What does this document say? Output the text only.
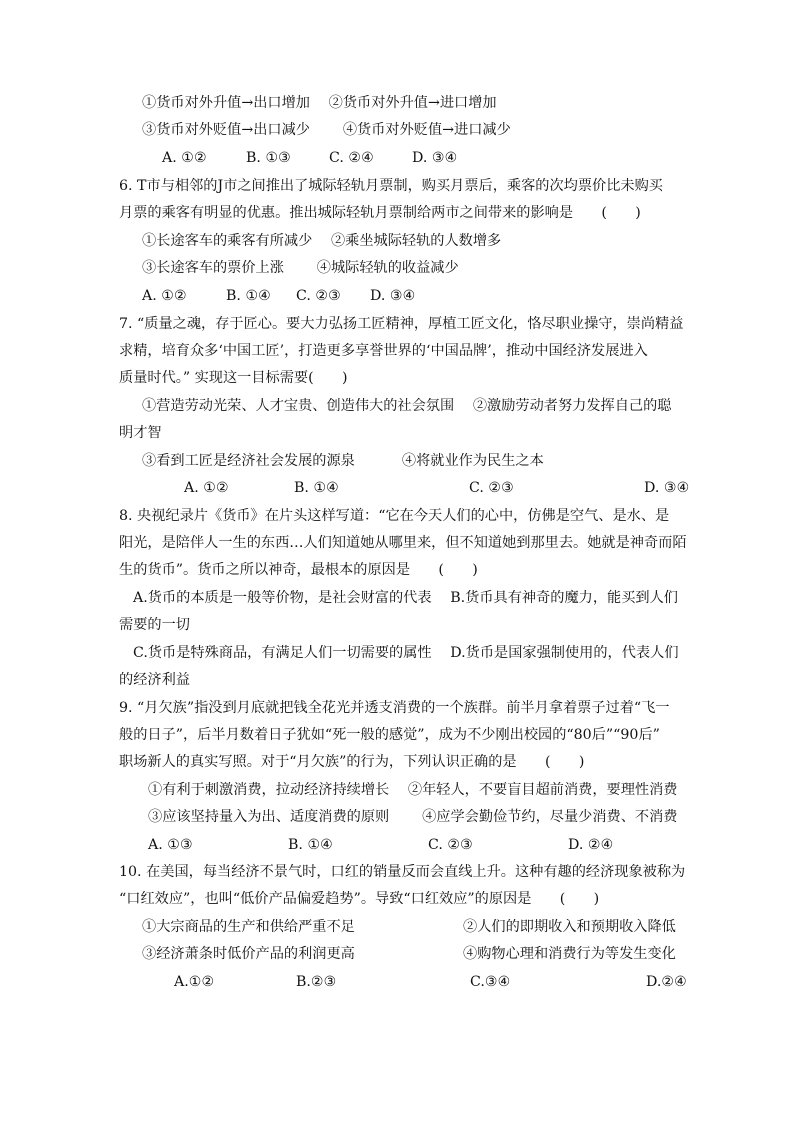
①货币对外升值→出口增加　 ②货币对外升值→进口增加
③货币对外贬值→出口减少　　 ④货币对外贬值→进口减少
A. ①②	B. ①③	C. ②④	D. ③④
6. T市与相邻的J市之间推出了城际轻轨月票制，购买月票后，乘客的次均票价比未购买
月票的乘客有明显的优惠。推出城际轻轨月票制给两市之间带来的影响是　　(　　)
①长途客车的乘客有所减少　 ②乘坐城际轻轨的人数增多
③长途客车的票价上涨　　 ④城际轻轨的收益减少
A. ①②	B. ①④ C. ②③ D. ③④
7. “质量之魂，存于匠心。要大力弘扬工匠精神，厚植工匠文化，恪尽职业操守，崇尚精益
求精，培育众多‘中国工匠’，打造更多享誉世界的‘中国品牌’，推动中国经济发展进入
质量时代。” 实现这一目标需要(　　)
①营造劳动光荣、人才宝贵、创造伟大的社会氛围　 ②激励劳动者努力发挥自己的聪
明才智
③看到工匠是经济社会发展的源泉　　　 ④将就业作为民生之本
A. ①②	B. ①④	C. ②③	D. ③④
8. 央视纪录片《货币》在片头这样写道：“它在今天人们的心中，仿佛是空气、是水、是
阳光，是陪伴人一生的东西…人们知道她从哪里来，但不知道她到那里去。她就是神奇而陌
生的货币”。货币之所以神奇，最根本的原因是　　(　　)
A.货币的本质是一般等价物，是社会财富的代表　 B.货币具有神奇的魔力，能买到人们
需要的一切
C.货币是特殊商品，有满足人们一切需要的属性　 D.货币是国家强制使用的，代表人们
的经济利益
9. “月欠族”指没到月底就把钱全花光并透支消费的一个族群。前半月拿着票子过着“飞一
般的日子”，后半月数着日子犹如“死一般的感觉”，成为不少刚出校园的“80后”“90后”
职场新人的真实写照。对于“月欠族”的行为，下列认识正确的是　　(　　)
①有利于刺激消费，拉动经济持续增长　 ②年轻人，不要盲目超前消费，要理性消费
③应该坚持量入为出、适度消费的原则　　 ④应学会勤俭节约，尽量少消费、不消费
A. ①③	B. ①④	C. ②③	D. ②④
10. 在美国，每当经济不景气时，口红的销量反而会直线上升。这种有趣的经济现象被称为
“口红效应”，也叫“低价产品偏爱趋势”。导致“口红效应”的原因是　　(　　)
①大宗商品的生产和供给严重不足	②人们的即期收入和预期收入降低
③经济萧条时低价产品的利润更高	④购物心理和消费行为等发生变化
A.①②	B.②③	C.③④	D.②④
